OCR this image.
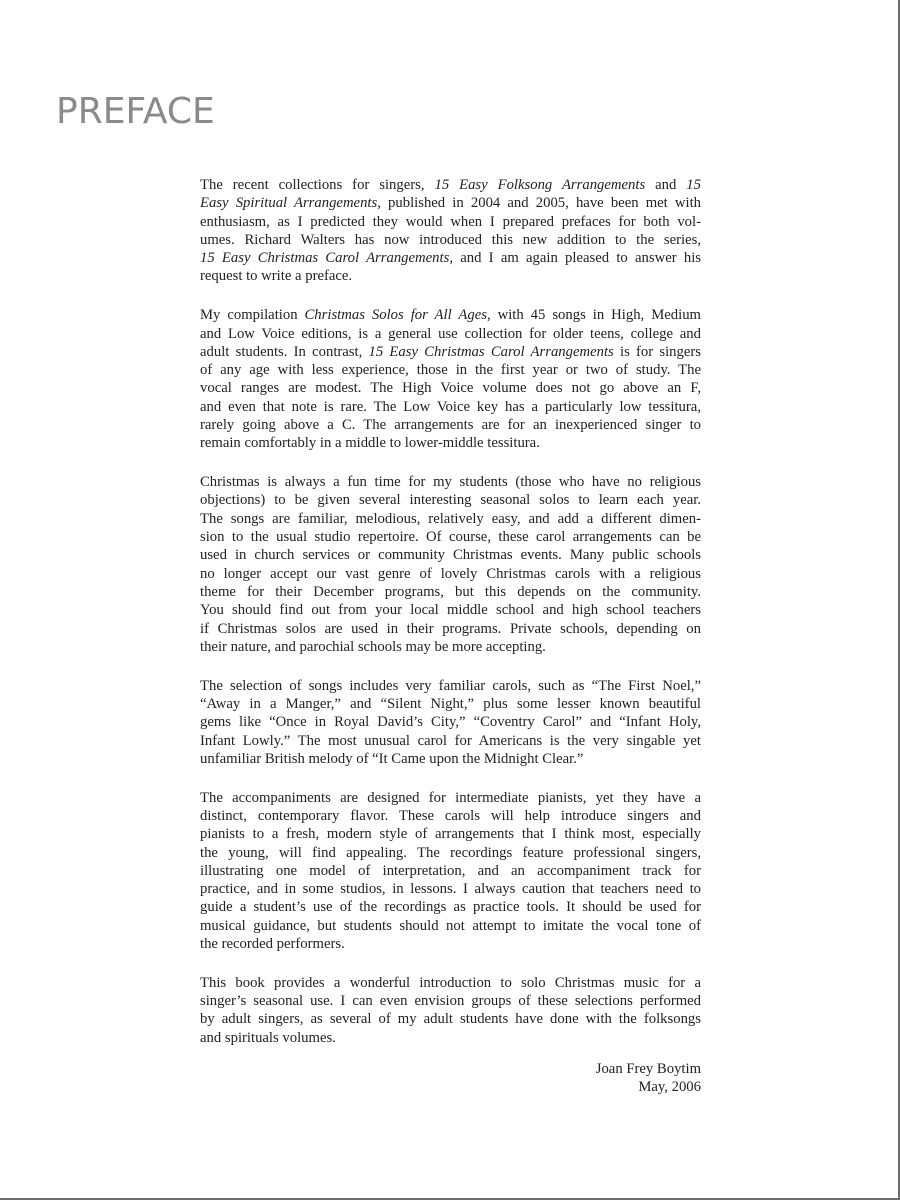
PREFACE

The recent collections for singers, 15 Easy Folksong Arrangements and 15
Easy Spiritual Arrangements, published in 2004 and 2005, have been met with
enthusiasm, as I predicted they would when I prepared prefaces for both vol-
umes. Richard Walters has now introduced this new addition to the series,
15 Easy Christmas Carol Arrangements, and I am again pleased to answer his
request to write a preface.

My compilation Christmas Solos for All Ages, with 45 songs in High, Medium
and Low Voice editions, is a general use collection for older teens, college and
adult students. In contrast, 15 Easy Christmas Carol Arrangements is for singers
of any age with less experience, those in the first year or two of study. The
vocal ranges are modest. The High Voice volume does not go above an F,
and even that note is rare. The Low Voice key has a particularly low tessitura,
rarely going above a C. The arrangements are for an inexperienced singer to
remain comfortably in a middle to lower-middle tessitura.

Christmas is always a fun time for my students (those who have no religious
objections) to be given several interesting seasonal solos to learn each year.
The songs are familiar, melodious, relatively easy, and add a different dimen-
sion to the usual studio repertoire. Of course, these carol arrangements can be
used in church services or community Christmas events. Many public schools
no longer accept our vast genre of lovely Christmas carols with a religious
theme for their December programs, but this depends on the community.
You should find out from your local middle school and high school teachers
if Christmas solos are used in their programs. Private schools, depending on
their nature, and parochial schools may be more accepting.

The selection of songs includes very familiar carols, such as “The First Noel,”
“Away in a Manger,” and “Silent Night,” plus some lesser known beautiful
gems like “Once in Royal David’s City,” “Coventry Carol” and “Infant Holy,
Infant Lowly.” The most unusual carol for Americans is the very singable yet
unfamiliar British melody of “It Came upon the Midnight Clear.”

The accompaniments are designed for intermediate pianists, yet they have a
distinct, contemporary flavor. These carols will help introduce singers and
pianists to a fresh, modern style of arrangements that I think most, especially
the young, will find appealing. The recordings feature professional singers,
illustrating one model of interpretation, and an accompaniment track for
practice, and in some studios, in lessons. I always caution that teachers need to
guide a student’s use of the recordings as practice tools. It should be used for
musical guidance, but students should not attempt to imitate the vocal tone of
the recorded performers.

This book provides a wonderful introduction to solo Christmas music for a
singer’s seasonal use. I can even envision groups of these selections performed
by adult singers, as several of my adult students have done with the folksongs
and spirituals volumes.

Joan Frey Boytim
May, 2006
